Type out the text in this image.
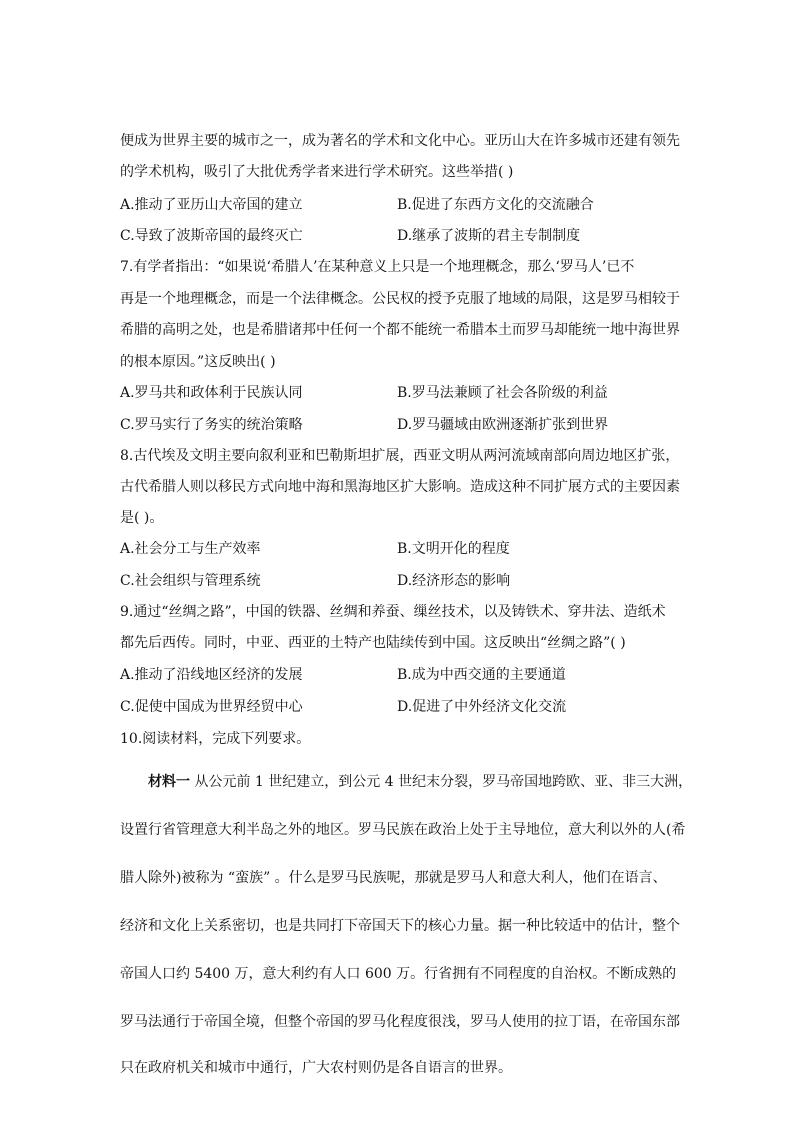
便成为世界主要的城市之一，成为著名的学术和文化中心。亚历山大在许多城市还建有领先
的学术机构，吸引了大批优秀学者来进行学术研究。这些举措( )
A.推动了亚历山大帝国的建立	B.促进了东西方文化的交流融合
C.导致了波斯帝国的最终灭亡	D.继承了波斯的君主专制制度
7.有学者指出：“如果说‘希腊人’在某种意义上只是一个地理概念，那么‘罗马人’已不
再是一个地理概念，而是一个法律概念。公民权的授予克服了地域的局限，这是罗马相较于
希腊的高明之处，也是希腊诸邦中任何一个都不能统一希腊本土而罗马却能统一地中海世界
的根本原因。”这反映出( )
A.罗马共和政体利于民族认同	B.罗马法兼顾了社会各阶级的利益
C.罗马实行了务实的统治策略	D.罗马疆域由欧洲逐渐扩张到世界
8.古代埃及文明主要向叙利亚和巴勒斯坦扩展，西亚文明从两河流域南部向周边地区扩张，
古代希腊人则以移民方式向地中海和黑海地区扩大影响。造成这种不同扩展方式的主要因素
是( )。
A.社会分工与生产效率	B.文明开化的程度
C.社会组织与管理系统	D.经济形态的影响
9.通过“丝绸之路”，中国的铁器、丝绸和养蚕、缫丝技术，以及铸铁术、穿井法、造纸术
都先后西传。同时，中亚、西亚的土特产也陆续传到中国。这反映出“丝绸之路”( )
A.推动了沿线地区经济的发展	B.成为中西交通的主要通道
C.促使中国成为世界经贸中心	D.促进了中外经济文化交流
10.阅读材料，完成下列要求。
材料一 从公元前 1 世纪建立，到公元 4 世纪末分裂，罗马帝国地跨欧、亚、非三大洲，
设置行省管理意大利半岛之外的地区。罗马民族在政治上处于主导地位，意大利以外的人(希
腊人除外)被称为 “蛮族” 。什么是罗马民族呢，那就是罗马人和意大利人，他们在语言、
经济和文化上关系密切，也是共同打下帝国天下的核心力量。据一种比较适中的估计，整个
帝国人口约 5400 万，意大利约有人口 600 万。行省拥有不同程度的自治权。不断成熟的
罗马法通行于帝国全境，但整个帝国的罗马化程度很浅，罗马人使用的拉丁语，在帝国东部
只在政府机关和城市中通行，广大农村则仍是各自语言的世界。
